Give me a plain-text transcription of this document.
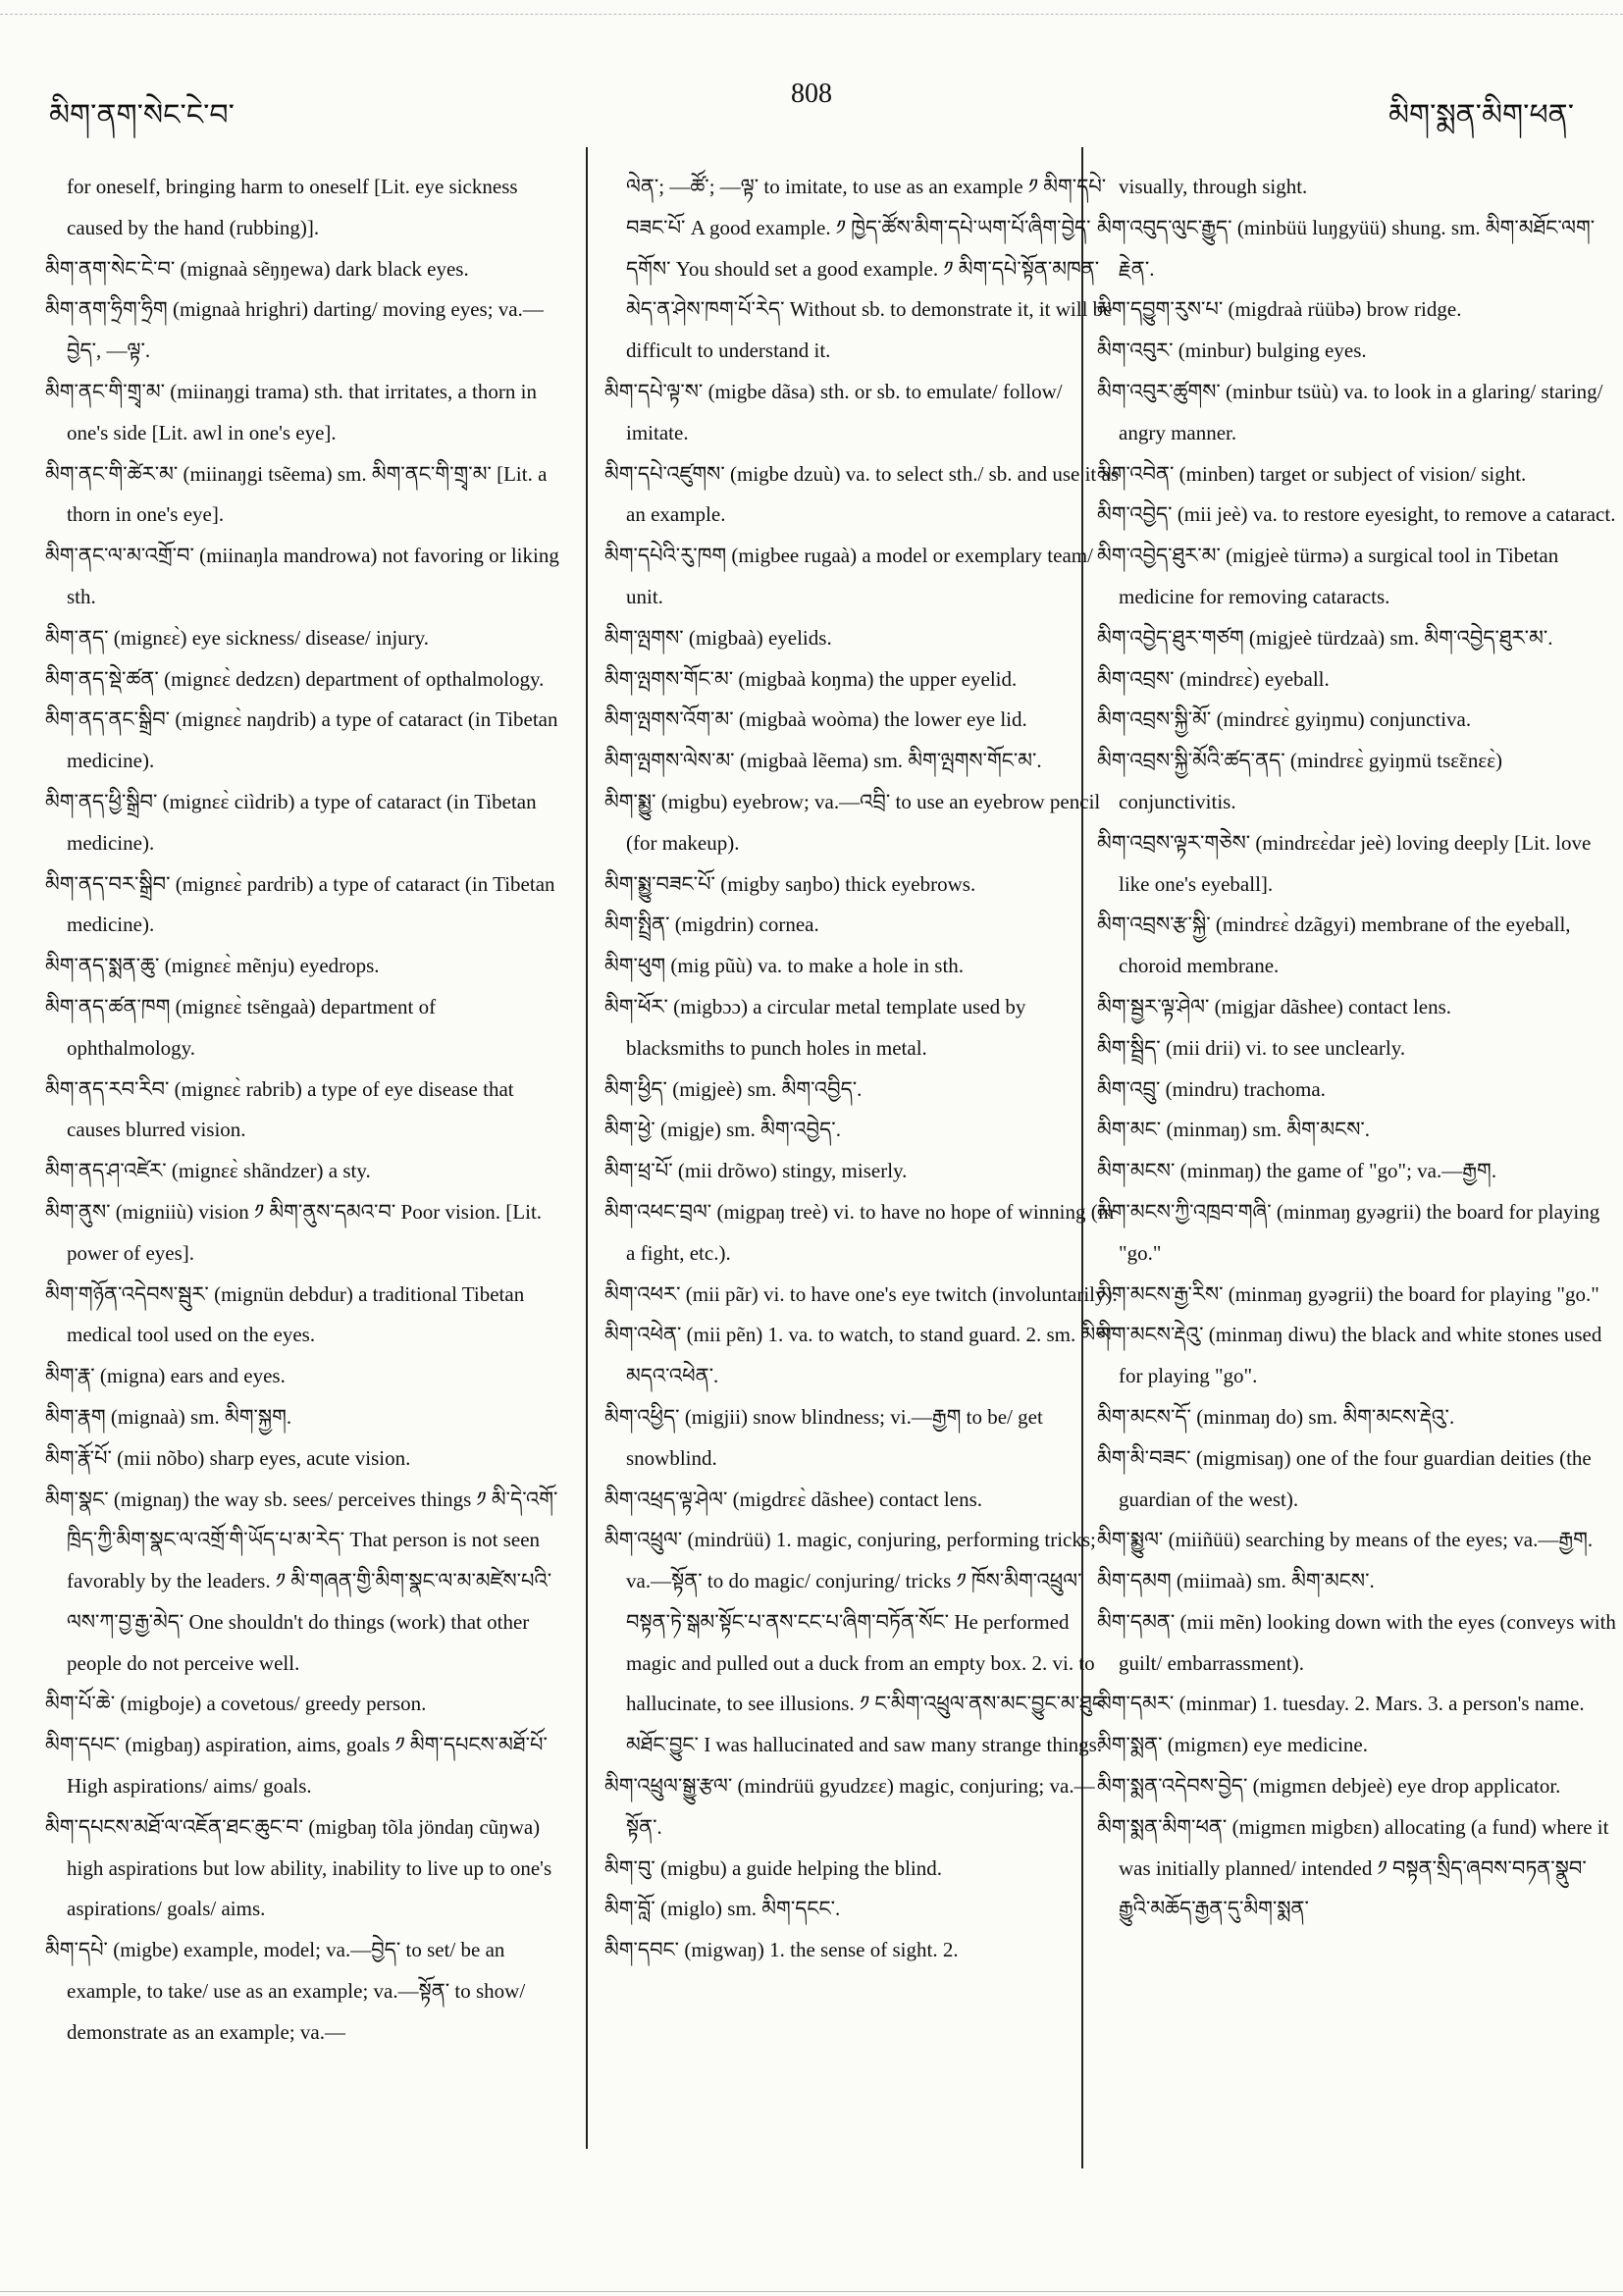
མིག་ནག་སེང་ངེ་བ་
808
མིག་སྨན་མིག་ཕན་

for oneself, bringing harm to oneself [Lit. eye sickness caused by the hand (rubbing)].

མིག་ནག་སེང་ངེ་བ་ (mignaà sẽŋŋewa) dark black eyes.

མིག་ནག་ཧྲིག་ཧྲིག (mignaà hrighri) darting/ moving eyes; va.—བྱེད་, —ལྟ་.

མིག་ནང་གི་གྲྭ་མ་ (miinaŋgi trama) sth. that irritates, a thorn in one's side [Lit. awl in one's eye].

མིག་ནང་གི་ཚེར་མ་ (miinaŋgi tsẽema) sm. མིག་ནང་གི་གྲྭ་མ་ [Lit. a thorn in one's eye].

མིག་ནང་ལ་མ་འགྲོ་བ་ (miinaŋla mandrowa) not favoring or liking sth.

མིག་ནད་ (mignɛɛ̀) eye sickness/ disease/ injury.

མིག་ནད་སྡེ་ཚན་ (mignɛɛ̀ dedzɛn) department of opthalmology.

མིག་ནད་ནང་སྒྲིབ་ (mignɛɛ̀ naŋdrib) a type of cataract (in Tibetan medicine).

མིག་ནད་ཕྱི་སྒྲིབ་ (mignɛɛ̀ ciìdrib) a type of cataract (in Tibetan medicine).

མིག་ནད་བར་སྒྲིབ་ (mignɛɛ̀ pardrib) a type of cataract (in Tibetan medicine).

མིག་ནད་སྨན་ཆུ་ (mignɛɛ̀ mẽnju) eyedrops.

མིག་ནད་ཚན་ཁག (mignɛɛ̀ tsẽngaà) department of ophthalmology.

མིག་ནད་རབ་རིབ་ (mignɛɛ̀ rabrib) a type of eye disease that causes blurred vision.

མིག་ནད་ཤ་འཛེར་ (mignɛɛ̀ shãndzer) a sty.

མིག་ནུས་ (migniiù) vision ༡ མིག་ནུས་དམའ་བ་ Poor vision. [Lit. power of eyes].

མིག་གཉོན་འདེབས་སྦུར་ (mignün debdur) a traditional Tibetan medical tool used on the eyes.

མིག་རྣ་ (migna) ears and eyes.

མིག་རྣག (mignaà) sm. མིག་སྐྱག.

མིག་རྣོ་པོ་ (mii nõbo) sharp eyes, acute vision.

མིག་སྣང་ (mignaŋ) the way sb. sees/ perceives things ༡ མི་དེ་འགོ་ཁྲིད་ཀྱི་མིག་སྣང་ལ་འགྲོ་གི་ཡོད་པ་མ་རེད་ That person is not seen favorably by the leaders. ༡ མི་གཞན་གྱི་མིག་སྣང་ལ་མ་མཛེས་པའི་ལས་ཀ་བྱ་རྒྱ་མེད་ One shouldn't do things (work) that other people do not perceive well.

མིག་པོ་ཆེ་ (migboje) a covetous/ greedy person.

མིག་དཔང་ (migbaŋ) aspiration, aims, goals ༡ མིག་དཔངས་མཐོ་པོ་ High aspirations/ aims/ goals.

མིག་དཔངས་མཐོ་ལ་འཇོན་ཐང་ཆུང་བ་ (migbaŋ tõla jöndaŋ cũŋwa) high aspirations but low ability, inability to live up to one's aspirations/ goals/ aims.

མིག་དཔེ་ (migbe) example, model; va.—བྱེད་ to set/ be an example, to take/ use as an example; va.—སྟོན་ to show/ demonstrate as an example; va.—

ལེན་; —ཚོ་; —ལྟ་ to imitate, to use as an example ༡ མིག་དཔེ་བཟང་པོ་ A good example. ༡ ཁྱེད་ཚོས་མིག་དཔེ་ཡག་པོ་ཞིག་བྱེད་དགོས་ You should set a good example. ༡ མིག་དཔེ་སྟོན་མཁན་མེད་ན་ཤེས་ཁག་པོ་རེད་ Without sb. to demonstrate it, it will be difficult to understand it.

མིག་དཔེ་ལྟ་ས་ (migbe dãsa) sth. or sb. to emulate/ follow/ imitate.

མིག་དཔེ་འཛུགས་ (migbe dzuù) va. to select sth./ sb. and use it as an example.

མིག་དཔེའི་རུ་ཁག (migbee rugaà) a model or exemplary team/ unit.

མིག་ལྤགས་ (migbaà) eyelids.

མིག་ལྤགས་གོང་མ་ (migbaà koŋma) the upper eyelid.

མིག་ལྤགས་འོག་མ་ (migbaà woòma) the lower eye lid.

མིག་ལྤགས་ལེས་མ་ (migbaà lẽema) sm. མིག་ལྤགས་གོང་མ་.

མིག་སྨྱུ་ (migbu) eyebrow; va.—འབྲི་ to use an eyebrow pencil (for makeup).

མིག་སྨྱུ་བཟང་པོ་ (migby saŋbo) thick eyebrows.

མིག་སྤྲིན་ (migdrin) cornea.

མིག་ཕུག (mig pũù) va. to make a hole in sth.

མིག་ཕོར་ (migbɔɔ) a circular metal template used by blacksmiths to punch holes in metal.

མིག་ཕྱིད་ (migjeè) sm. མིག་འབྱིད་.

མིག་ཕྱེ་ (migje) sm. མིག་འབྱེད་.

མིག་ཕྲ་པོ་ (mii drõwo) stingy, miserly.

མིག་འཕང་བྲལ་ (migpaŋ treè) vi. to have no hope of winning (in a fight, etc.).

མིག་འཕར་ (mii pãr) vi. to have one's eye twitch (involuntarily).

མིག་འཕེན་ (mii pẽn) 1. va. to watch, to stand guard. 2. sm. མིག་མདའ་འཕེན་.

མིག་འཕྱིད་ (migjii) snow blindness; vi.—རྒྱག to be/ get snowblind.

མིག་འཕྲད་ལྟ་ཤེལ་ (migdrɛɛ̀ dãshee) contact lens.

མིག་འཕྲུལ་ (mindrüü) 1. magic, conjuring, performing tricks; va.—སྟོན་ to do magic/ conjuring/ tricks ༡ ཁོས་མིག་འཕྲུལ་བསྟན་ཏེ་སྒམ་སྟོང་པ་ནས་ངང་པ་ཞིག་བཏོན་སོང་ He performed magic and pulled out a duck from an empty box. 2. vi. to hallucinate, to see illusions. ༡ ང་མིག་འཕྲུལ་ནས་མང་བྱུང་མ་ཐུང་མཐོང་བྱུང་ I was hallucinated and saw many strange things.

མིག་འཕྲུལ་སྒྱུ་རྩལ་ (mindrüü gyudzɛɛ) magic, conjuring; va.—སྟོན་.

མིག་བུ་ (migbu) a guide helping the blind.

མིག་བློ་ (miglo) sm. མིག་དངང་.

མིག་དབང་ (migwaŋ) 1. the sense of sight. 2.

visually, through sight.

མིག་འབུད་ལུང་རྒྱུད་ (minbüü luŋgyüü) shung. sm. མིག་མཐོང་ལག་རྗེན་.

མིག་དབྱུག་རུས་པ་ (migdraà rüübə) brow ridge.

མིག་འབུར་ (minbur) bulging eyes.

མིག་འབུར་ཚུགས་ (minbur tsüù) va. to look in a glaring/ staring/ angry manner.

མིག་འབེན་ (minben) target or subject of vision/ sight.

མིག་འབྱེད་ (mii jeè) va. to restore eyesight, to remove a cataract.

མིག་འབྱེད་ཐུར་མ་ (migjeè türmə) a surgical tool in Tibetan medicine for removing cataracts.

མིག་འབྱེད་ཐུར་གཙག (migjeè türdzaà) sm. མིག་འབྱེད་ཐུར་མ་.

མིག་འབྲས་ (mindrɛɛ̀) eyeball.

མིག་འབྲས་སྐྱི་མོ་ (mindrɛɛ̀ gyiŋmu) conjunctiva.

མིག་འབྲས་སྐྱི་མོའི་ཚད་ནད་ (mindrɛɛ̀ gyiŋmü tsɛ̃ɛnɛɛ̀) conjunctivitis.

མིག་འབྲས་ལྟར་གཅེས་ (mindrɛɛ̀dar jeè) loving deeply [Lit. love like one's eyeball].

མིག་འབྲས་རྩ་སྐྱི་ (mindrɛɛ̀ dzãgyi) membrane of the eyeball, choroid membrane.

མིག་སྦྱར་ལྟ་ཤེལ་ (migjar dãshee) contact lens.

མིག་སྦྲིད་ (mii drii) vi. to see unclearly.

མིག་འབྲུ་ (mindru) trachoma.

མིག་མང་ (minmaŋ) sm. མིག་མངས་.

མིག་མངས་ (minmaŋ) the game of "go"; va.—རྒྱག.

མིག་མངས་ཀྱི་འཁྲབ་གཞི་ (minmaŋ gyəgrii) the board for playing "go."

མིག་མངས་རྒྱ་རིས་ (minmaŋ gyəgrii) the board for playing "go."

མིག་མངས་རྡེའུ་ (minmaŋ diwu) the black and white stones used for playing "go".

མིག་མངས་དོ་ (minmaŋ do) sm. མིག་མངས་རྡེའུ་.

མིག་མི་བཟང་ (migmisaŋ) one of the four guardian deities (the guardian of the west).

མིག་སྨྱུལ་ (miiñüü) searching by means of the eyes; va.—རྒྱག.

མིག་དམག (miimaà) sm. མིག་མངས་.

མིག་དམན་ (mii mẽn) looking down with the eyes (conveys with guilt/ embarrassment).

མིག་དམར་ (minmar) 1. tuesday. 2. Mars. 3. a person's name.

མིག་སྨན་ (migmɛn) eye medicine.

མིག་སྨན་འདེབས་བྱེད་ (migmɛn debjeè) eye drop applicator.

མིག་སྨན་མིག་ཕན་ (migmɛn migbɛn) allocating (a fund) where it was initially planned/ intended ༡ བསྟན་སྲིད་ཞབས་བཏན་སྣུབ་རྒྱུའི་མཆོད་རྒྱན་དུ་མིག་སྨན་
